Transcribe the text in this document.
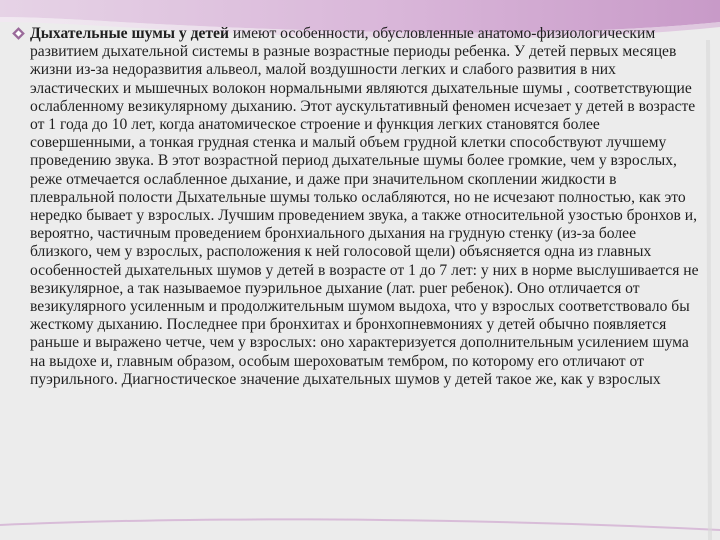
Дыхательные шумы у детей имеют особенности, обусловленные анатомо-физиологическим развитием дыхательной системы в разные возрастные периоды ребенка. У детей первых месяцев жизни из-за недоразвития альвеол, малой воздушности легких и слабого развития в них эластических и мышечных волокон нормальными являются дыхательные шумы , соответствующие ослабленному везикулярному дыханию. Этот аускультативный феномен исчезает у детей в возрасте от 1 года до 10 лет, когда анатомическое строение и функция легких становятся более совершенными, а тонкая грудная стенка и малый объем грудной клетки способствуют лучшему проведению звука. В этот возрастной период дыхательные шумы более громкие, чем у взрослых, реже отмечается ослабленное дыхание, и даже при значительном скоплении жидкости в плевральной полости Дыхательные шумы только ослабляются, но не исчезают полностью, как это нередко бывает у взрослых. Лучшим проведением звука, а также относительной узостью бронхов и, вероятно, частичным проведением бронхиального дыхания на грудную стенку (из-за более близкого, чем у взрослых, расположения к ней голосовой щели) объясняется одна из главных особенностей дыхательных шумов у детей в возрасте от 1 до 7 лет: у них в норме выслушивается не везикулярное, а так называемое пуэрильное дыхание (лат. puer ребенок). Оно отличается от везикулярного усиленным и продолжительным шумом выдоха, что у взрослых соответствовало бы жесткому дыханию. Последнее при бронхитах и бронхопневмониях у детей обычно появляется раньше и выражено четче, чем у взрослых: оно характеризуется дополнительным усилением шума на выдохе и, главным образом, особым шероховатым тембром, по которому его отличают от пуэрильного. Диагностическое значение дыхательных шумов у детей такое же, как у взрослых
